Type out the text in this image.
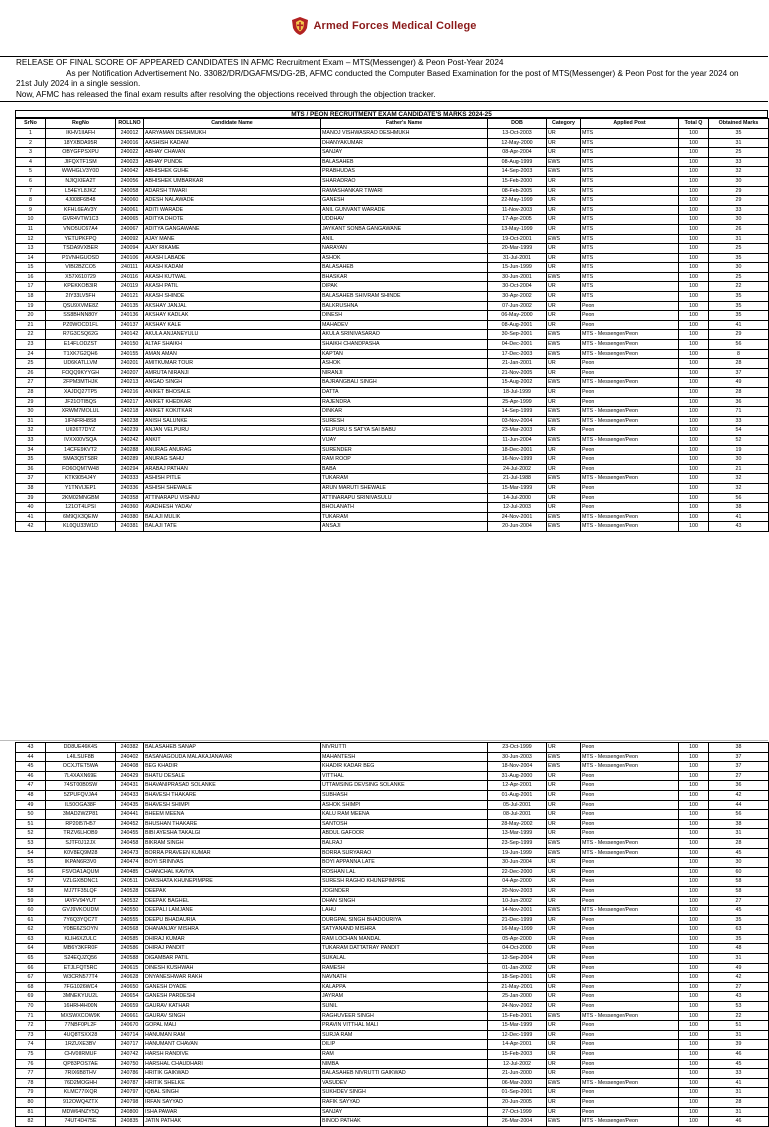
Armed Forces Medical College

RELEASE OF FINAL SCORE OF APPEARED CANDIDATES IN AFMC Recruitment Exam – MTS(Messenger) & Peon Post-Year 2024

As per Notification Advertisement No. 33082/DR/DGAFMS/DG-2B, AFMC conducted the Computer Based Examination for the post of MTS(Messenger) & Peon Post for the year 2024 on 21st July 2024 in a single session.

Now, AFMC has released the final exam results after resolving the objections received through the objection tracker.

MTS / PEON RECRUITMENT EXAM CANDIDATE'S MARKS 2024-25
SrNo	RegNo	ROLLNO	Candidate Name	Father's Name	DOB	Category	Applied Post	Total Q	Obtained Marks
1	IKHV1IIAFH	240012	AARYAMAN DESHMUKH	MANOJ VISHWASRAO DESHMUKH	13-Oct-2003	UR	MTS	100	35
2	18YXBDA95R	240016	AASHISH KADAM	DHANYAKUMAR	12-May-2000	UR	MTS	100	31
3	OBYGFPSXPU	240022	ABHAY CHAVAN	SANJAY	08-Apr-2004	UR	MTS	100	25
4	JIFQXTF1SM	240023	ABHAY PUNDE	BALASAHEB	08-Aug-1999	EWS	MTS	100	33
5	WWHGLV3Y0D	240042	ABHISHEK GUHE	PRABHUDAS	14-Sep-2003	EWS	MTS	100	32
6	NJIQXIEA2T	240056	ABHISHEK UMBARKAR	SHARADRAO	15-Feb-2000	UR	MTS	100	30
7	L54EYL8JKZ	240058	ADARSH TIWARI	RAMASHANKAR TIWARI	08-Feb-2005	UR	MTS	100	29
8	4J008F6B48	240060	ADESH NALAWADE	GANESH	22-May-1999	UR	MTS	100	29
9	KFHL6EAV3Y	240061	ADITI WARADE	ANIL GUNVANT WARADE	11-Nov-2003	UR	MTS	100	33
10	GVR4VTW1C3	240065	ADITYA DHOTE	UDDHAV	17-Apr-2005	UR	MTS	100	30
11	VNO5UC67A4	240067	ADITYA GANGAWANE	JAYKANT SONBA GANGAWANE	13-May-1999	UR	MTS	100	26
12	YETUPKFPQ	240092	AJAY MANE	ANIL	19-Oct-2001	EWS	MTS	100	31
13	TSDA9VXBER	240094	AJAY RIKAME	NARAYAN	20-Mar-1999	UR	MTS	100	25
14	P1VNHGUOSD	240106	AKASH LABADE	ASHOK	31-Jul-2001	UR	MTS	100	35
15	VIBI2BZCO5	240111	AKASH KADAM	BALASAHEB	15-Jun-1999	UR	MTS	100	30
16	X57X610729	240116	AKASH KUTWAL	BHASKAR	30-Jun-2001	EWS	MTS	100	25
17	KPEKKOB3IR	240119	AKASH PATIL	DIPAK	30-Oct-2004	UR	MTS	100	22
18	2IY33LV5FH	240121	AKASH SHINDE	BALASAHEB SHIVRAM SHINDE	30-Apr-2002	UR	MTS	100	35
19	QSU9XVME8Z	240135	AKSHAY JANJAL	BALKRUSHNA	07-Jun-2002	UR	Peon	100	35
20	SS8BHNN80Y	240136	AKSHAY KADLAK	DINESH	06-May-2000	UR	Peon	100	35
21	PZ0WOCD1FL	240137	AKSHAY KALE	MAHADEV	08-Aug-2001	UR	Peon	100	41
22	R7G3CSQ62G	240142	AKULA ANJANEYULU	AKULA SRINIVASARAO	30-Sep-2001	EWS	MTS - Messenger/Peon	100	29
23	E14FLODZST	240150	ALTAF SHAIKH	SHAIKH CHANDPASHA	04-Dec-2001	EWS	MTS - Messenger/Peon	100	56
24	T1XK7G2QH6	240155	AMAN AMAN	KAPTAN	17-Dec-2003	EWS	MTS - Messenger/Peon	100	8
25	UD6KATLLVM	240201	AMITKUMAR TOUR	ASHOK	21-Jan-2001	UR	Peon	100	28
26	FOQQ9KYYGH	240207	AMRUTA NIRANJI	NIRANJI	21-Nov-2005	UR	Peon	100	37
27	2FPM3MTHJK	240213	ANGAD SINGH	BAJRANGBALI SINGH	15-Aug-2002	EWS	MTS - Messenger/Peon	100	49
28	XAJDQ27TP5	240216	ANIKET BHOSALE	DATTA	18-Jul-1999	UR	Peon	100	28
29	JF21OTIBQS	240217	ANIKET KHEDKAR	RAJENDRA	25-Apr-1999	UR	Peon	100	36
30	XRWM7MOLUL	240218	ANIKET KOKITKAR	DINKAR	14-Sep-1999	EWS	MTS - Messenger/Peon	100	71
31	1IFNFRH8S8	240238	ANISH SALUNKE	SURESH	03-Nov-2004	EWS	MTS - Messenger/Peon	100	33
32	UII26T7DYZ	240239	ANJAN VELPURU	VELPURU S SATYA SAI BABU	23-Mar-2003	UR	Peon	100	54
33	IVXX00VSQA	240242	ANKIT	VIJAY	11-Jun-2004	EWS	MTS - Messenger/Peon	100	52
34	14CFE9KVT2	240288	ANURAG ANURAG	SURENDER	18-Dec-2001	UR	Peon	100	19
35	5MA3Q5TS8R	240289	ANURAG SAHU	RAM ROOP	16-Nov-1999	UR	Peon	100	30
36	FO6OQM7W48	240294	ARABAJ PATHAN	BABA	24-Jul-2002	UR	Peon	100	21
37	KTK9054J4Y	240333	ASHISH PITLE	TUKARAM	21-Jul-1988	EWS	MTS - Messenger/Peon	100	32
38	Y1TNVIJEP1	240336	ASHISH SHEWALE	ARUN MARUTI SHEWALE	15-Mar-1999	UR	Peon	100	32
39	2KM02MNGBM	240358	ATTINARAPU VISHNU	ATTINARAPU SRINIVASULU	14-Jul-2000	UR	Peon	100	56
40	121OT4LPSI	240360	AVADHESH YADAV	BHOLANATH	12-Jul-2003	UR	Peon	100	38
41	6M9QX3QEIW	240380	BALAJI MULIK	TUKARAM	24-Nov-2001	EWS	MTS - Messenger/Peon	100	41
42	KL0QU33W1D	240381	BALAJI TATE	ANSAJI	20-Jun-2004	EWS	MTS - Messenger/Peon	100	43
43	DD8UE46K4S	240382	BALASAHEB SANAP	NIVRUTTI	23-Oct-1999	UR	Peon	100	38
44	L4ILSUF8B	240402	BASANAGOUDA MALAKAJANAVAR	MAHANTESH	30-Jun-2003	EWS	MTS - Messenger/Peon	100	37
45	OCXJTET5WA	240408	BEG KHADIR	KHADIR KADAR BEG	18-Nov-2004	EWS	MTS - Messenger/Peon	100	37
46	7L4XAXN69E	240429	BHATU DESALE	VITTHAL	31-Aug-2000	UR	Peon	100	27
47	74ST00B0SW	240431	BHAVANIPRASAD SOLANKE	UTTAMSING DEVSING SOLANKE	12-Apr-2001	UR	Peon	100	36
48	5ZPUFQVJA4	240433	BHAVESH THAKARE	SUBHASH	01-Aug-2001	UR	Peon	100	42
49	IL50OGA38F	240435	BHAVESH SHIMPI	ASHOK SHIMPI	05-Jul-2001	UR	Peon	100	44
50	3MAD2WZP81	240441	BHEEM MEENA	KALU RAM MEENA	08-Jul-2001	UR	Peon	100	56
51	RP20I57H57	240452	BHUSHAN THAKARE	SANTOSH	28-May-2002	UR	Peon	100	38
52	TRZV6LHOB9	240455	BIBI AYESHA TAKALGI	ABDUL GAFOOR	13-Mar-1999	UR	Peon	100	31
53	SJTF0J12JX	240458	BIKRAM SINGH	BALRAJ	23-Sep-1999	EWS	MTS - Messenger/Peon	100	28
54	K0V8EQ9M28	240473	BORRA PRAVEEN KUMAR	BORRA SURYARAO	19-Jun-1999	EWS	MTS - Messenger/Peon	100	45
55	IKPAN6R3V0	240474	BOYI SRINIVAS	BOYI APPANNA LATE	30-Jun-2004	UR	Peon	100	30
56	FSVOA1AQUM	240485	CHANCHAL KAVIYA	ROSHAN LAL	22-Dec-2000	UR	Peon	100	60
57	VZLGXBDNC1	240511	DAKSHATA KHUNEPIMPRE	SURESH RAGHO KHUNEPIMPRE	04-Apr-2000	UR	Peon	100	58
58	MJ7TF35LQF	240528	DEEPAK	JOGINDER	20-Nov-2003	UR	Peon	100	58
59	IAYFV94YUT	240532	DEEPAK BAGHEL	DHAN SINGH	10-Jun-2002	UR	Peon	100	27
60	GVJ9VKOUDM	240550	DEEPALI LAMJANE	LAHU	14-Nov-2001	EWS	MTS - Messenger/Peon	100	45
61	7Y6Q3YQC7T	240555	DEEPU BHADAURIA	DURGPAL SINGH BHADOURIYA	21-Dec-1999	UR	Peon	100	35
62	Y0BE6ZSOYN	240568	DHANANJAY MISHRA	SATYANAND MISHRA	16-May-1999	UR	Peon	100	63
63	KLIH6XZULC	240585	DHIRAJ KUMAR	RAM LOCHAN MANDAL	05-Apr-2000	UR	Peon	100	35
64	MB6Y3KFR0F	240586	DHIRAJ PANDIT	TUKARAM DATTATRAY PANDIT	04-Oct-2000	UR	Peon	100	48
65	S24EQJZQ56	240588	DIGAMBAR PATIL	SUKALAL	12-Sep-2004	UR	Peon	100	31
66	ETJLFQT5RC	240615	DINESH KUSHWAH	RAMESH	01-Jan-2002	UR	Peon	100	49
67	W3CRN577T4	240628	DNYANESHWAR RAKH	NAVNATH	18-Sep-2001	UR	Peon	100	42
68	7FG1026WC4	240650	GANESH DYADE	KALAPPA	21-May-2001	UR	Peon	100	27
69	3MNEKYUU2L	240654	GANESH PARDESHI	JAYRAM	25-Jan-2000	UR	Peon	100	43
70	16HRH4H00N	240659	GAURAV KATHAR	SUNIL	24-Nov-2002	UR	Peon	100	53
71	MXSWXCOW9K	240661	GAURAV SINGH	RAGHUVEER SINGH	15-Feb-2001	EWS	MTS - Messenger/Peon	100	22
72	77NBF0PL2F	240670	GOPAL MALI	PRAVIN VITTHAL MALI	15-Mar-1999	UR	Peon	100	51
73	4UQ8TSXX28	240714	HANUMAN RAM	SURJA RAM	12-Dec-1999	UR	Peon	100	31
74	1RZUXE3BV	240717	HANUMANT CHAVAN	DILIP	14-Apr-2001	UR	Peon	100	39
75	CHV0IIRMUF	240742	HARSH RANDIVE	RAM	15-Feb-2003	UR	Peon	100	46
76	QP83POS7AE	240750	HARSHAL CHAUDHARI	NIMBA	12-Jul-2002	UR	Peon	100	45
77	7RIX6B8THV	240786	HRITIK GAIKWAD	BALASAHEB NIVRUTTI GAIKWAD	21-Jun-2000	UR	Peon	100	33
78	76D2MOGHH	240787	HRITIK SHELKE	VASUDEV	06-Mar-2000	EWS	MTS - Messenger/Peon	100	41
79	KLMC77IXQR	240797	IQBAL SINGH	SUKHDEV SINGH	01-Sep-2001	UR	Peon	100	31
80	912OWQ4ZTX	240798	IRFAN SAYYAD	RAFIK SAYYAD	20-Jun-2005	UR	Peon	100	28
81	MDW64NZY5Q	240800	ISHA PAWAR	SANJAY	27-Oct-1999	UR	Peon	100	31
82	74UT4D475E	240835	JATIN PATHAK	BINOD PATHAK	26-Mar-2004	EWS	MTS - Messenger/Peon	100	46
